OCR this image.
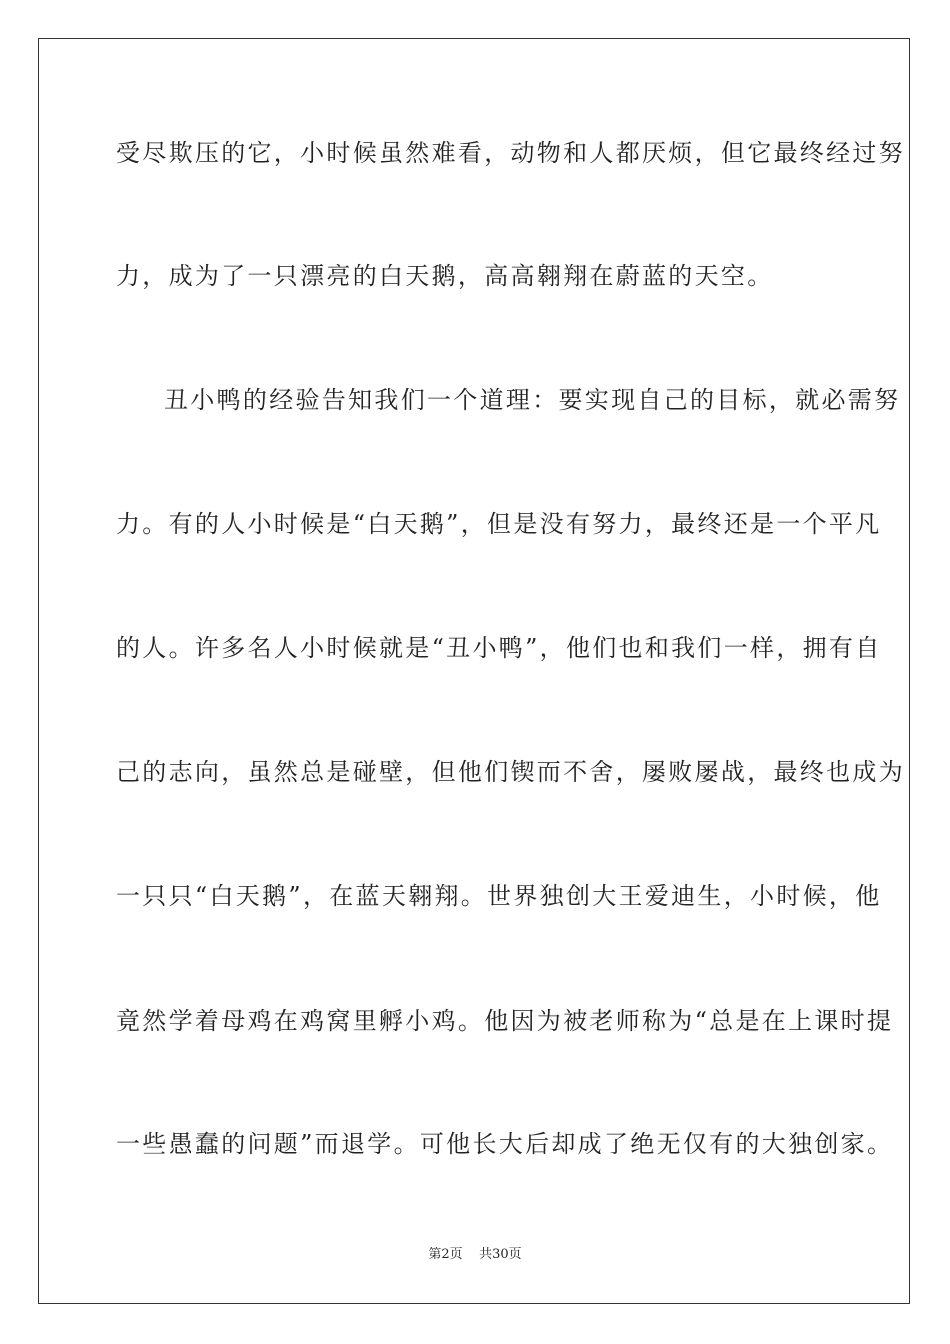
受尽欺压的它，小时候虽然难看，动物和人都厌烦，但它最终经过努
力，成为了一只漂亮的白天鹅，高高翱翔在蔚蓝的天空。
丑小鸭的经验告知我们一个道理：要实现自己的目标，就必需努
力。有的人小时候是“白天鹅”，但是没有努力，最终还是一个平凡
的人。许多名人小时候就是“丑小鸭”，他们也和我们一样，拥有自
己的志向，虽然总是碰壁，但他们锲而不舍，屡败屡战，最终也成为
一只只“白天鹅”，在蓝天翱翔。世界独创大王爱迪生，小时候，他
竟然学着母鸡在鸡窝里孵小鸡。他因为被老师称为“总是在上课时提
一些愚蠢的问题”而退学。可他长大后却成了绝无仅有的大独创家。
第2页 共30页
